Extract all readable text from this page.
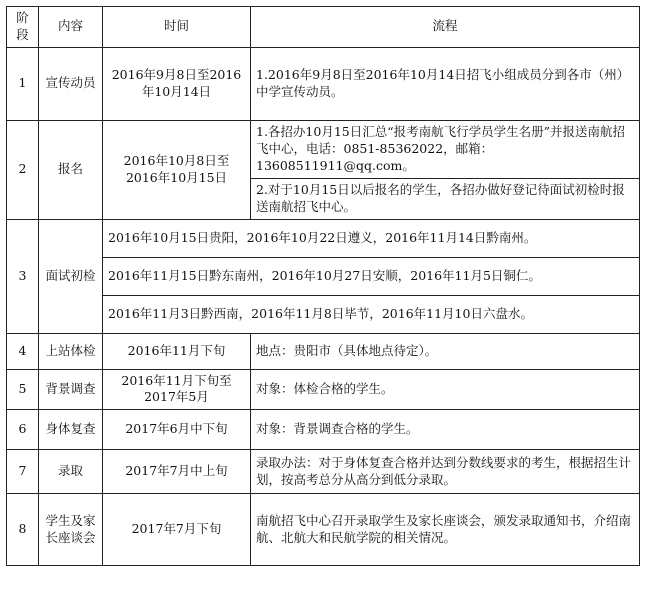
阶段	内容	时间	流程
1	宣传动员	2016年9月8日至2016年10月14日	1.2016年9月8日至2016年10月14日招飞小组成员分到各市（州）中学宣传动员。
2	报名	2016年10月8日至2016年10月15日	1.各招办10月15日汇总“报考南航飞行学员学生名册”并报送南航招飞中心，电话：0851-85362022，邮箱：13608511911@qq.com。
			2.对于10月15日以后报名的学生，各招办做好登记待面试初检时报送南航招飞中心。
3	面试初检	2016年10月15日贵阳，2016年10月22日遵义，2016年11月14日黔南州。	
		2016年11月15日黔东南州，2016年10月27日安顺，2016年11月5日铜仁。	
		2016年11月3日黔西南，2016年11月8日毕节，2016年11月10日六盘水。	
4	上站体检	2016年11月下旬	地点：贵阳市（具体地点待定）。
5	背景调查	2016年11月下旬至2017年5月	对象：体检合格的学生。
6	身体复查	2017年6月中下旬	对象：背景调查合格的学生。
7	录取	2017年7月中上旬	录取办法：对于身体复查合格并达到分数线要求的考生，根据招生计划，按高考总分从高分到低分录取。
8	学生及家长座谈会	2017年7月下旬	南航招飞中心召开录取学生及家长座谈会，颁发录取通知书，介绍南航、北航大和民航学院的相关情况。
